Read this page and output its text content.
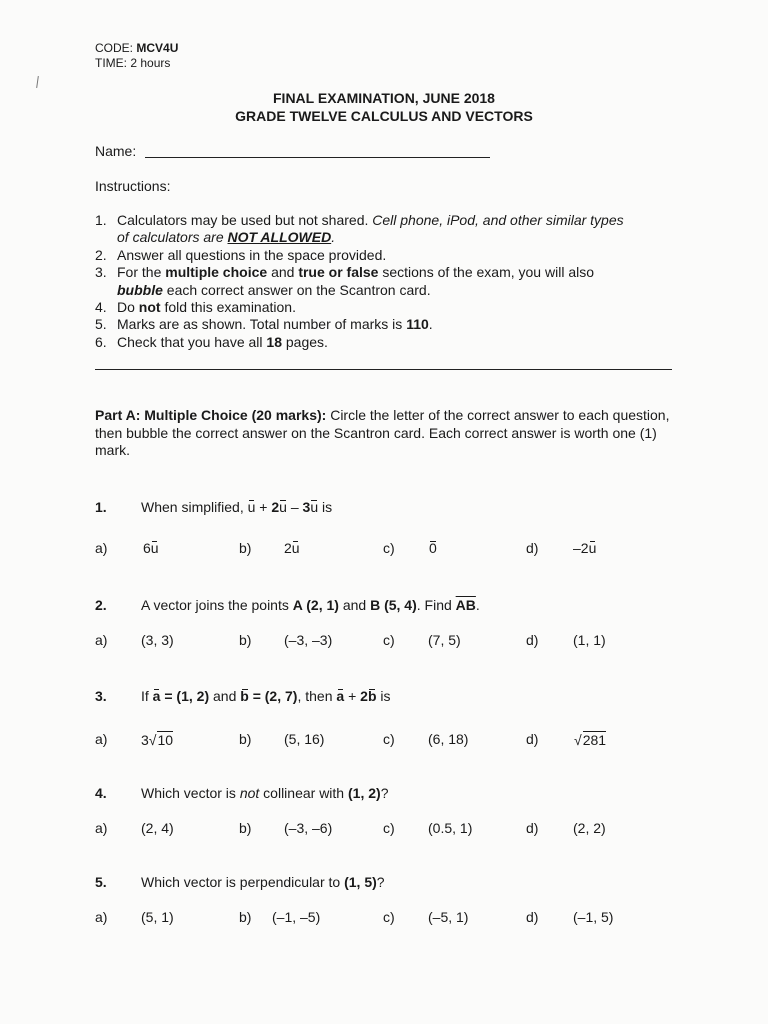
CODE: MCV4U
TIME: 2 hours
FINAL EXAMINATION, JUNE 2018
GRADE TWELVE CALCULUS AND VECTORS
Name:
Instructions:
1. Calculators may be used but not shared. Cell phone, iPod, and other similar types
of calculators are NOT ALLOWED.
2. Answer all questions in the space provided.
3. For the multiple choice and true or false sections of the exam, you will also
bubble each correct answer on the Scantron card.
4. Do not fold this examination.
5. Marks are as shown. Total number of marks is 110.
6. Check that you have all 18 pages.
Part A: Multiple Choice (20 marks): Circle the letter of the correct answer to each question, then bubble the correct answer on the Scantron card. Each correct answer is worth one (1) mark.
1. When simplified, u + 2u – 3u is
a)	6u	b) 2u	c) 0	d) –2u
2. A vector joins the points A (2, 1) and B (5, 4). Find $\overline{AB}$.
a) (3, 3)	b) (–3, –3)	c) (7, 5)	d) (1, 1)
3. If a = (1, 2) and b = (2, 7), then a + 2b is
a) 3√10	b) (5, 16)	c) (6, 18)	d)	√281
4. Which vector is not collinear with (1, 2)?
a) (2, 4)	b) (–3, –6)	c) (0.5, 1)	d) (2, 2)
5. Which vector is perpendicular to (1, 5)?
a) (5, 1)	b) (–1, –5)	c) (–5, 1)	d) (–1, 5)
